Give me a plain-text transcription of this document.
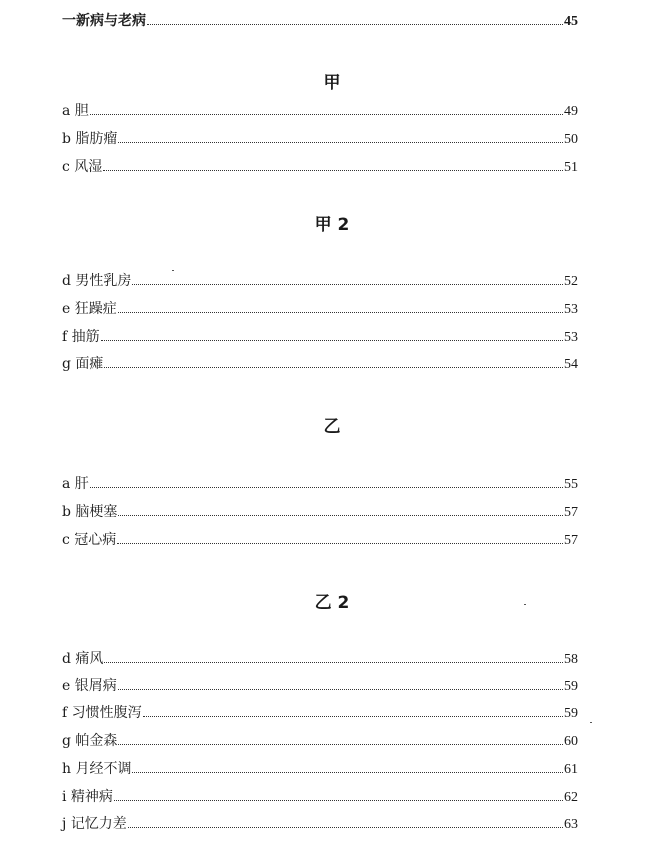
一新病与老病	45
甲
a 胆	49
b 脂肪瘤	50
c 风湿	51
甲 2
d 男性乳房	52
e 狂躁症	53
f 抽筋	53
g 面瘫	54
乙
a 肝	55
b 脑梗塞	57
c 冠心病	57
乙 2
d 痛风	58
e 银屑病	59
f 习惯性腹泻	59
g 帕金森	60
h 月经不调	61
i 精神病	62
j 记忆力差	63
